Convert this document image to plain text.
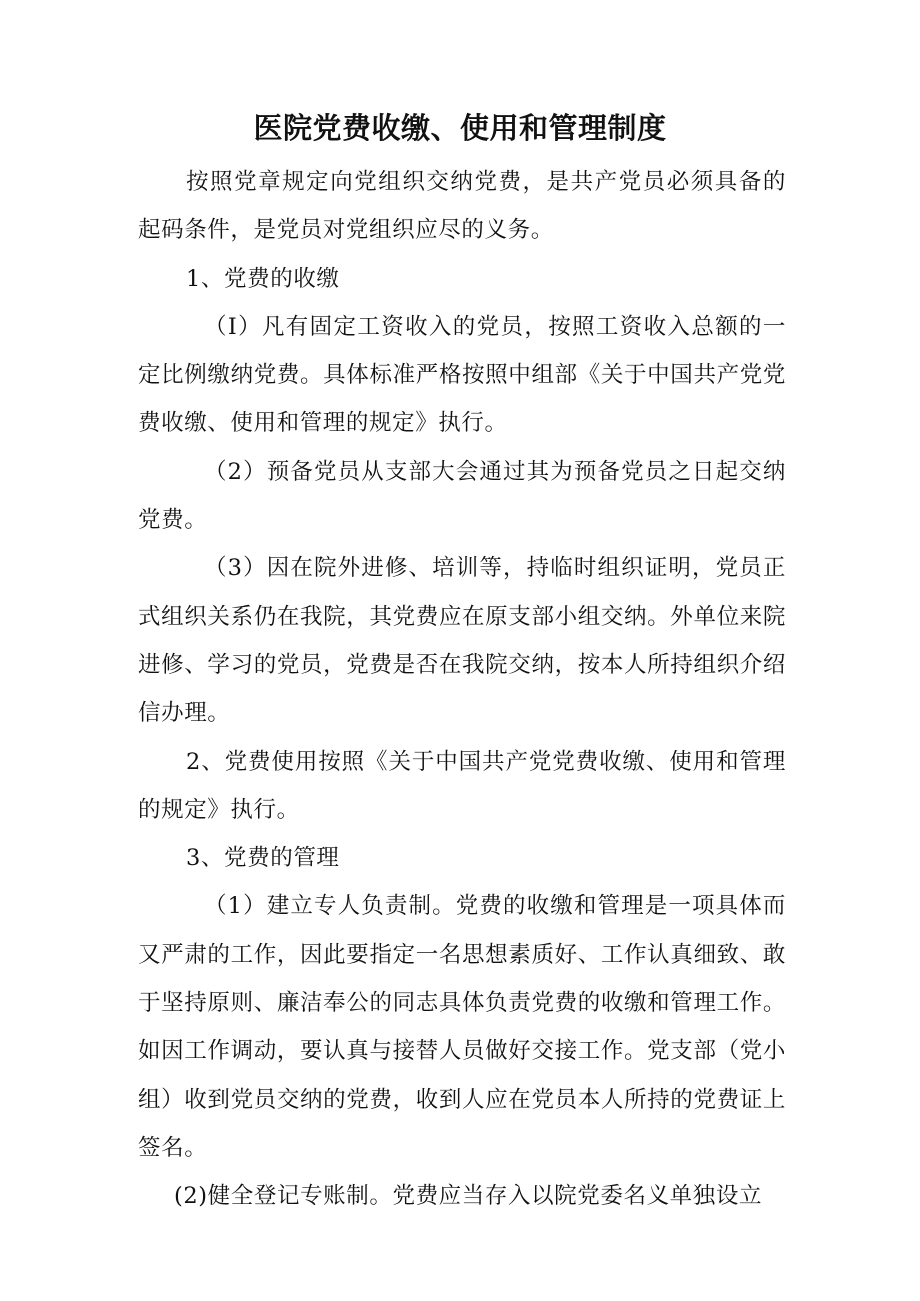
医院党费收缴、使用和管理制度

按照党章规定向党组织交纳党费，是共产党员必须具备的起码条件，是党员对党组织应尽的义务。

1、党费的收缴

（I）凡有固定工资收入的党员，按照工资收入总额的一定比例缴纳党费。具体标准严格按照中组部《关于中国共产党党费收缴、使用和管理的规定》执行。

（2）预备党员从支部大会通过其为预备党员之日起交纳党费。

（3）因在院外进修、培训等，持临时组织证明，党员正式组织关系仍在我院，其党费应在原支部小组交纳。外单位来院进修、学习的党员，党费是否在我院交纳，按本人所持组织介绍信办理。

2、党费使用按照《关于中国共产党党费收缴、使用和管理的规定》执行。

3、党费的管理

（1）建立专人负责制。党费的收缴和管理是一项具体而又严肃的工作，因此要指定一名思想素质好、工作认真细致、敢于坚持原则、廉洁奉公的同志具体负责党费的收缴和管理工作。如因工作调动，要认真与接替人员做好交接工作。党支部（党小组）收到党员交纳的党费，收到人应在党员本人所持的党费证上签名。

(2)健全登记专账制。党费应当存入以院党委名义单独设立
